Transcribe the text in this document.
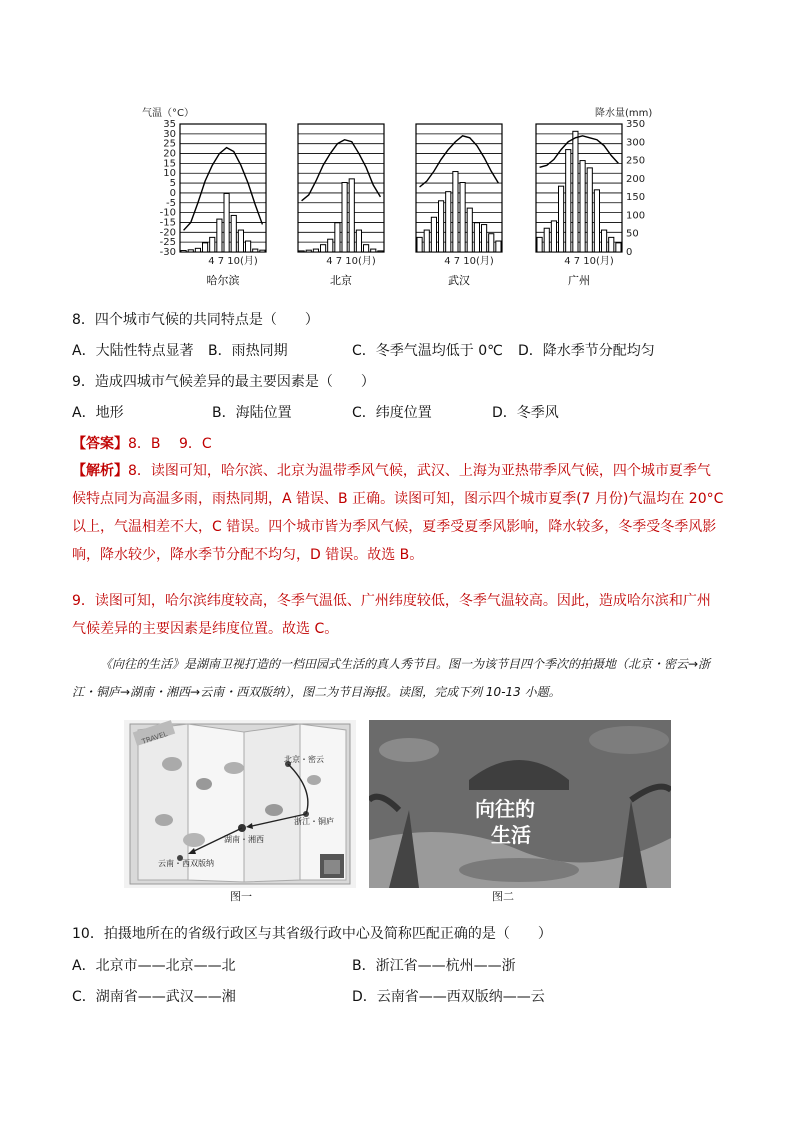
气温（°C）	降水量(mm)
35
30
25
20
15
10
5
0
-5
-10
-15
-20
-25
-30
350
300
250
200
150
100
50
0
4 7 10(月)
哈尔滨
4 7 10(月)
北京
4 7 10(月)
武汉
4 7 10(月)
广州
8．四个城市气候的共同特点是（　　）
A．大陆性特点显著 B．雨热同期	C．冬季气温均低于 0℃ D．降水季节分配均匀
9．造成四城市气候差异的最主要因素是（　　）
A．地形	B．海陆位置	C．纬度位置	D．冬季风
【答案】8．B　 9．C
【解析】8．读图可知，哈尔滨、北京为温带季风气候，武汉、上海为亚热带季风气候，四个城市夏季气候特点同为高温多雨，雨热同期，A 错误、B 正确。读图可知，图示四个城市夏季(7 月份)气温均在 20°C 以上，气温相差不大，C 错误。四个城市皆为季风气候，夏季受夏季风影响，降水较多，冬季受冬季风影响，降水较少，降水季节分配不均匀，D 错误。故选 B。
9．读图可知，哈尔滨纬度较高，冬季气温低、广州纬度较低，冬季气温较高。因此，造成哈尔滨和广州气候差异的主要因素是纬度位置。故选 C。
《向往的生活》是湖南卫视打造的一档田园式生活的真人秀节目。图一为该节目四个季次的拍摄地（北京・密云→浙江・铜庐→湖南・湘西→云南・西双版纳），图二为节目海报。读图，完成下列 10-13 小题。
TRAVEL
北京・密云
浙江・铜庐
湖南・湘西
云南・西双版纳
图一
向往的
生活
图二
10．拍摄地所在的省级行政区与其省级行政中心及简称匹配正确的是（　　）
A．北京市——北京——北	B．浙江省——杭州——浙
C．湖南省——武汉——湘	D．云南省——西双版纳——云
